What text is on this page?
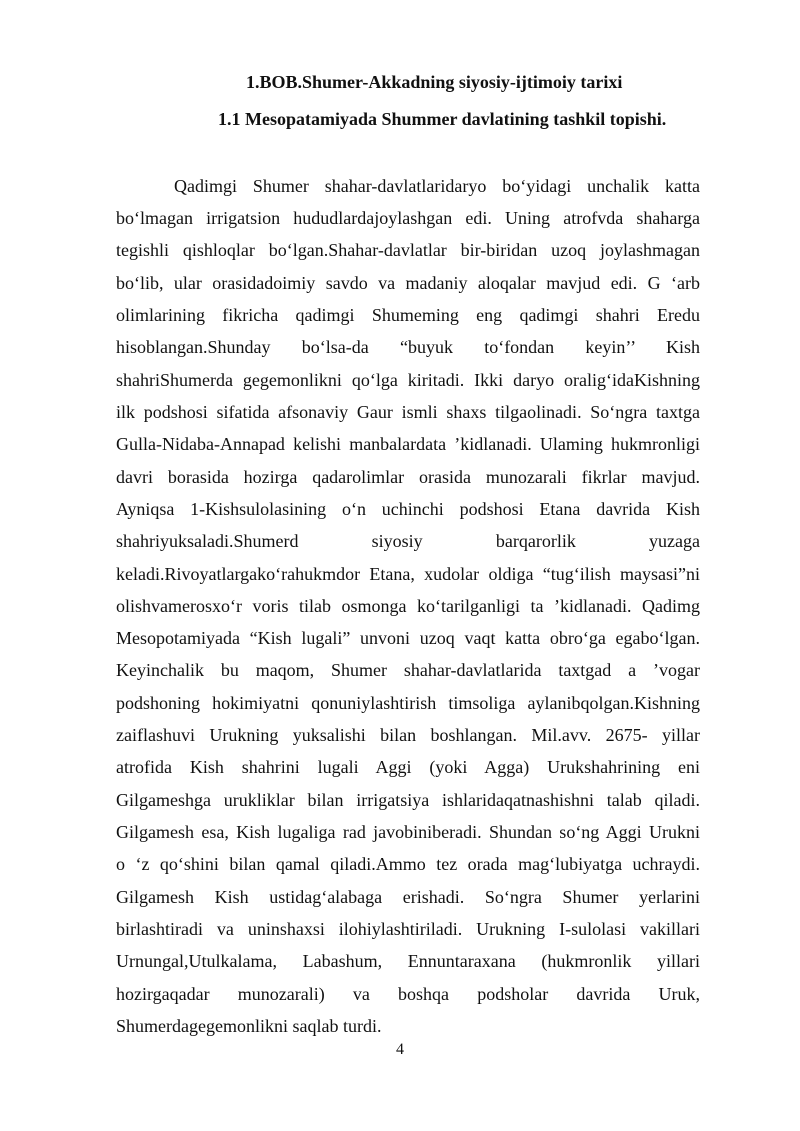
1.BOB.Shumer-Akkadning siyosiy-ijtimoiy tarixi
1.1 Mesopatamiyada Shummer davlatining tashkil topishi.
Qadimgi Shumer shahar-davlatlaridaryo bo‘yidagi unchalik katta
bo‘lmagan irrigatsion hududlardajoylashgan edi. Uning atrofvda shaharga
tegishli qishloqlar bo‘lgan.Shahar-davlatlar bir-biridan uzoq joylashmagan
bo‘lib, ular orasidadoimiy savdo va madaniy aloqalar mavjud edi. G ‘arb
olimlarining fikricha qadimgi Shumeming eng qadimgi shahri Eredu
hisoblangan.Shunday bo‘lsa-da “buyuk to‘fondan keyin’’ Kish
shahriShumerda gegemonlikni qo‘lga kiritadi. Ikki daryo oralig‘idaKishning
ilk podshosi sifatida afsonaviy Gaur ismli shaxs tilgaolinadi. So‘ngra taxtga
Gulla-Nidaba-Annapad kelishi manbalardata ’kidlanadi. Ulaming hukmronligi
davri borasida hozirga qadarolimlar orasida munozarali fikrlar mavjud.
Ayniqsa 1-Kishsulolasining o‘n uchinchi podshosi Etana davrida Kish
shahriyuksaladi.Shumerd siyosiy barqarorlik yuzaga
keladi.Rivoyatlargako‘rahukmdor Etana, xudolar oldiga “tug‘ilish maysasi”ni
olishvamerosxo‘r voris tilab osmonga ko‘tarilganligi ta ’kidlanadi. Qadimg
Mesopotamiyada “Kish lugali” unvoni uzoq vaqt katta obro‘ga egabo‘lgan.
Keyinchalik bu maqom, Shumer shahar-davlatlarida taxtgad a ’vogar
podshoning hokimiyatni qonuniylashtirish timsoliga aylanibqolgan.Kishning
zaiflashuvi Urukning yuksalishi bilan boshlangan. Mil.avv. 2675- yillar
atrofida Kish shahrini lugali Aggi (yoki Agga) Urukshahrining eni
Gilgameshga urukliklar bilan irrigatsiya ishlaridaqatnashishni talab qiladi.
Gilgamesh esa, Kish lugaliga rad javobiniberadi. Shundan so‘ng Aggi Urukni
o ‘z qo‘shini bilan qamal qiladi.Ammo tez orada mag‘lubiyatga uchraydi.
Gilgamesh Kish ustidag‘alabaga erishadi. So‘ngra Shumer yerlarini
birlashtiradi va uninshaxsi ilohiylashtiriladi. Urukning I-sulolasi vakillari
Urnungal,Utulkalama, Labashum, Ennuntaraxana (hukmronlik yillari
hozirgaqadar munozarali) va boshqa podsholar davrida Uruk,
Shumerdagegemonlikni saqlab turdi.
4
